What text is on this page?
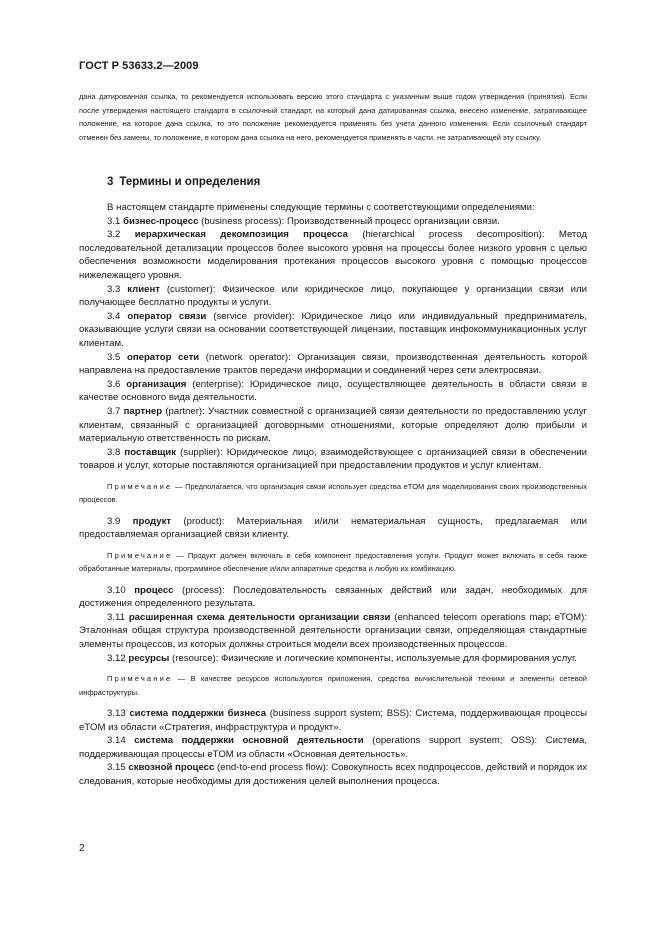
ГОСТ Р 53633.2—2009

дана датированная ссылка, то рекомендуется использовать версию этого стандарта с указанным выше годом утверждения (принятия). Если после утверждения настоящего стандарта в ссылочный стандарт, на который дана датированная ссылка, внесено изменение, затрагивающее положение, на которое дана ссылка, то это положение рекомендуется применять без учета данного изменения. Если ссылочный стандарт отменен без замены, то положение, в котором дана ссылка на него, рекомендуется применять в части, не затрагивающей эту ссылку.

3 Термины и определения

В настоящем стандарте применены следующие термины с соответствующими определениями:

3.1 бизнес-процесс (business process): Производственный процесс организации связи.

3.2 иерархическая декомпозиция процесса (hierarchical process decomposition): Метод последовательной детализации процессов более высокого уровня на процессы более низкого уровня с целью обеспечения возможности моделирования протекания процессов высокого уровня с помощью процессов нижележащего уровня.

3.3 клиент (customer): Физическое или юридическое лицо, покупающее у организации связи или получающее бесплатно продукты и услуги.

3.4 оператор связи (service provider): Юридическое лицо или индивидуальный предприниматель, оказывающие услуги связи на основании соответствующей лицензии, поставщик инфокоммуникационных услуг клиентам.

3.5 оператор сети (network operator): Организация связи, производственная деятельность которой направлена на предоставление трактов передачи информации и соединений через сети электросвязи.

3.6 организация (enterprise): Юридическое лицо, осуществляющее деятельность в области связи в качестве основного вида деятельности.

3.7 партнер (partner): Участник совместной с организацией связи деятельности по предоставлению услуг клиентам, связанный с организацией договорными отношениями, которые определяют долю прибыли и материальную ответственность по рискам.

3.8 поставщик (supplier): Юридическое лицо, взаимодействующее с организацией связи в обеспечении товаров и услуг, которые поставляются организацией при предоставлении продуктов и услуг клиентам.

Примечание — Предполагается, что организация связи использует средства eTOM для моделирования своих производственных процессов.

3.9 продукт (product): Материальная и/или нематериальная сущность, предлагаемая или предоставляемая организацией связи клиенту.

Примечание — Продукт должен включать в себя компонент предоставления услуги. Продукт может включать в себя также обработанные материалы, программное обеспечение и/или аппаратные средства и любую их комбинацию.

3.10 процесс (process): Последовательность связанных действий или задач, необходимых для достижения определенного результата.

3.11 расширенная схема деятельности организации связи (enhanced telecom operations map; eTOM): Эталонная общая структура производственной деятельности организации связи, определяющая стандартные элементы процессов, из которых должны строиться модели всех производственных процессов.

3.12 ресурсы (resource): Физические и логические компоненты, используемые для формирования услуг.

Примечание — В качестве ресурсов используются приложения, средства вычислительной техники и элементы сетевой инфраструктуры.

3.13 система поддержки бизнеса (business support system; BSS): Система, поддерживающая процессы eTOM из области «Стратегия, инфраструктура и продукт».

3.14 система поддержки основной деятельности (operations support system; OSS): Система, поддерживающая процессы eTOM из области «Основная деятельность».

3.15 сквозной процесс (end-to-end process flow): Совокупность всех подпроцессов, действий и порядок их следования, которые необходимы для достижения целей выполнения процесса.

2
